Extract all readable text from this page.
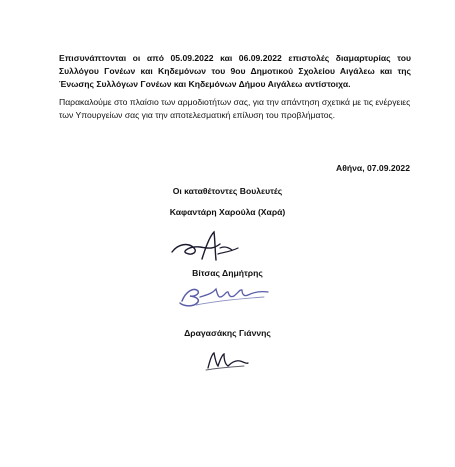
Επισυνάπτονται οι από 05.09.2022 και 06.09.2022 επιστολές διαμαρτυρίας του Συλλόγου Γονέων και Κηδεμόνων του 9ου Δημοτικού Σχολείου Αιγάλεω και της Ένωσης Συλλόγων Γονέων και Κηδεμόνων Δήμου Αιγάλεω αντίστοιχα.
Παρακαλούμε στο πλαίσιο των αρμοδιοτήτων σας, για την απάντηση σχετικά με τις ενέργειες των Υπουργείων σας για την αποτελεσματική επίλυση του προβλήματος.
Αθήνα, 07.09.2022
Οι καταθέτοντες Βουλευτές
Καφαντάρη Χαρούλα (Χαρά)
Βίτσας Δημήτρης
Δραγασάκης Γιάννης
